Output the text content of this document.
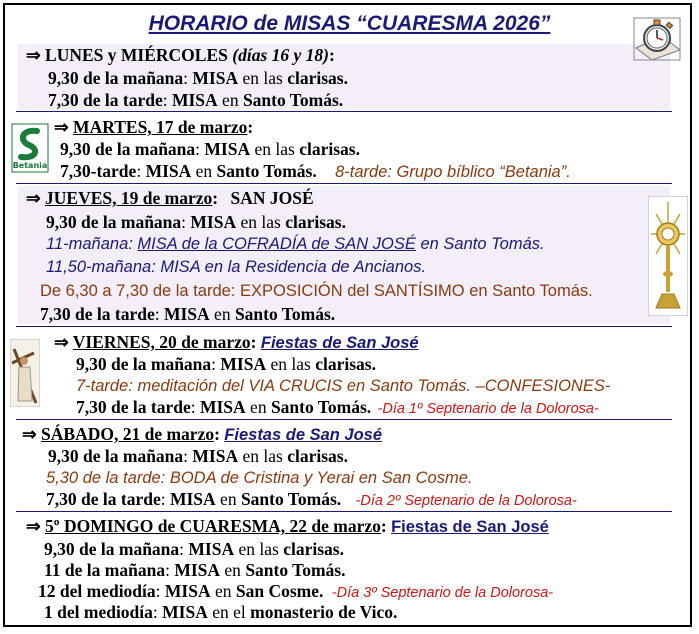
HORARIO de MISAS “CUARESMA 2026”
⇒ LUNES y MIÉRCOLES (días 16 y 18):
9,30 de la mañana: MISA en las clarisas.
7,30 de la tarde: MISA en Santo Tomás.
Betania
⇒ MARTES, 17 de marzo:
9,30 de la mañana: MISA en las clarisas.
7,30-tarde: MISA en Santo Tomás. 8-tarde: Grupo bíblico “Betania”.
⇒ JUEVES, 19 de marzo: SAN JOSÉ
9,30 de la mañana: MISA en las clarisas.
11-mañana: MISA de la COFRADÍA de SAN JOSÉ en Santo Tomás.
11,50-mañana: MISA en la Residencia de Ancianos.
De 6,30 a 7,30 de la tarde: EXPOSICIÓN del SANTÍSIMO en Santo Tomás.
7,30 de la tarde: MISA en Santo Tomás.
⇒ VIERNES, 20 de marzo: Fiestas de San José
9,30 de la mañana: MISA en las clarisas.
7-tarde: meditación del VIA CRUCIS en Santo Tomás. –CONFESIONES-
7,30 de la tarde: MISA en Santo Tomás. -Día 1º Septenario de la Dolorosa-
⇒ SÁBADO, 21 de marzo: Fiestas de San José
9,30 de la mañana: MISA en las clarisas.
5,30 de la tarde: BODA de Cristina y Yerai en San Cosme.
7,30 de la tarde: MISA en Santo Tomás. -Día 2º Septenario de la Dolorosa-
⇒ 5º DOMINGO de CUARESMA, 22 de marzo: Fiestas de San José
9,30 de la mañana: MISA en las clarisas.
11 de la mañana: MISA en Santo Tomás.
12 del mediodía: MISA en San Cosme. -Día 3º Septenario de la Dolorosa-
1 del mediodía: MISA en el monasterio de Vico.
